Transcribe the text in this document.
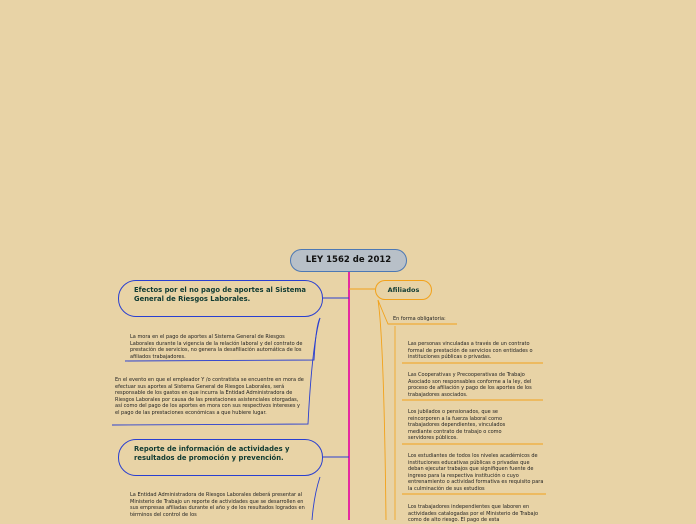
LEY 1562 de 2012
Efectos por el no pago de aportes al Sistema General de Riesgos Laborales.
Reporte de información de actividades y resultados de promoción y prevención.
La mora en el pago de aportes al Sistema General de Riesgos Laborales durante la vigencia de la relación laboral y del contrato de prestación de servicios, no genera la desafiliación automática de los afiliados trabajadores.
En el evento en que el empleador Y /o contratista se encuentre en mora de efectuar sus aportes al Sistema General de Riesgos Laborales, será responsable de los gastos en que incurra la Entidad Administradora de Riesgos Laborales por causa de las prestaciones asistenciales otorgadas, así como del pago de los aportes en mora con sus respectivos intereses y el pago de las prestaciones económicas a que hubiere lugar.
La Entidad Administradora de Riesgos Laborales deberá presentar al Ministerio de Trabajo un reporte de actividades que se desarrollen en sus empresas afiliadas durante el año y de los resultados logrados en términos del control de los
Afiliados
En forma obligatoria:
Las personas vinculadas a través de un contrato formal de prestación de servicios con entidades o instituciones públicas o privadas.
Las Cooperativas y Precooperativas de Trabajo Asociado son responsables conforme a la ley, del proceso de afiliación y pago de los aportes de los trabajadores asociados.
Los jubilados o pensionados, que se reincorporen a la fuerza laboral como trabajadores dependientes, vinculados mediante contrato de trabajo o como servidores públicos.
Los estudiantes de todos los niveles académicos de instituciones educativas públicas o privadas que deban ejecutar trabajos que signifiquen fuente de ingreso para la respectiva institución o cuyo entrenamiento o actividad formativa es requisito para la culminación de sus estudios
Los trabajadores independientes que laboren en actividades catalogadas por el Ministerio de Trabajo como de alto riesgo. El pago de esta
